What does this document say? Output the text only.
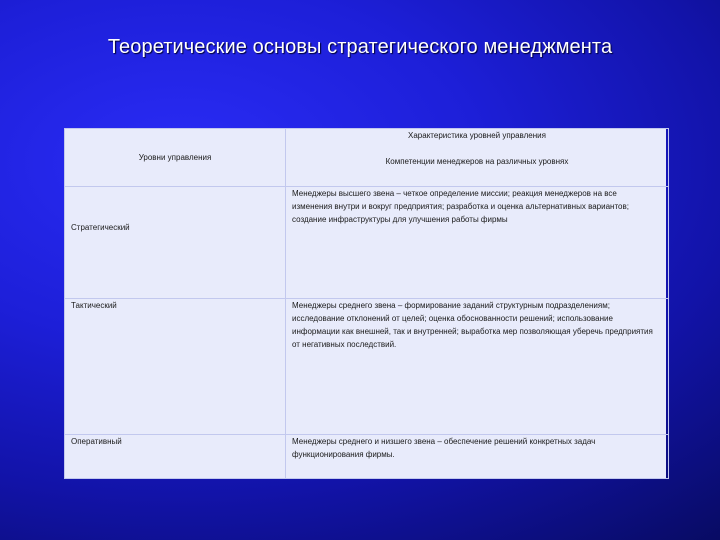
Теоретические основы стратегического менеджмента
Уровни управления	Характеристика уровней управления
Компетенции менеджеров на различных уровнях

Стратегический	Менеджеры высшего звена – четкое определение миссии; реакция менеджеров на все изменения внутри и вокруг предприятия; разработка и оценка альтернативных вариантов; создание инфраструктуры для улучшения работы фирмы
Тактический	Менеджеры среднего звена – формирование заданий структурным подразделениям; исследование отклонений от целей; оценка обоснованности решений; использование информации как внешней, так и внутренней; выработка мер позволяющая уберечь предприятия от негативных последствий.
Оперативный	Менеджеры среднего и низшего звена – обеспечение решений конкретных задач функционирования фирмы.
